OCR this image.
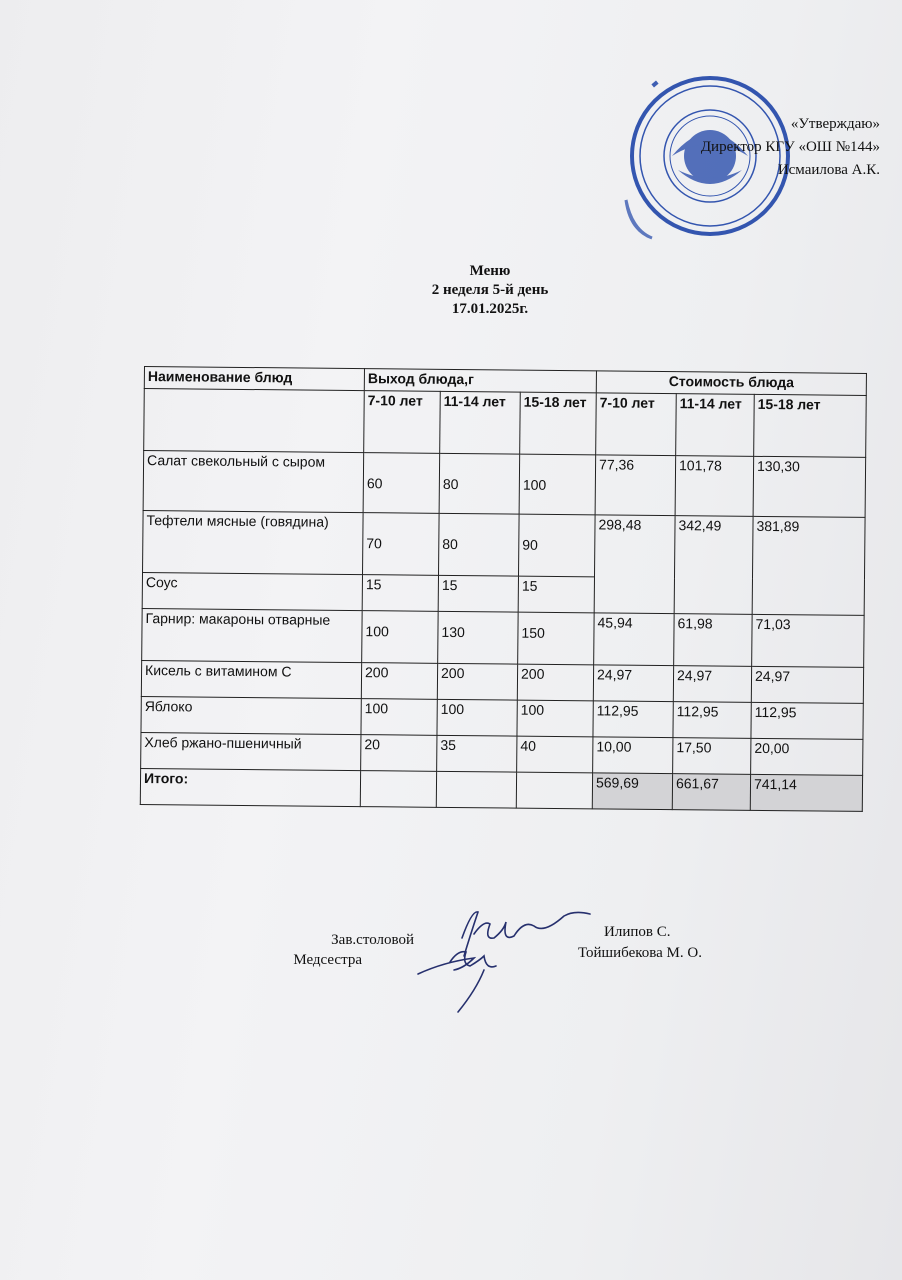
«Утверждаю»
Директор КГУ «ОШ №144»
Исмаилова А.К.
Меню
2 неделя 5-й день
17.01.2025г.
Наименование блюд	Выход блюда,г			Стоимость блюда		
	7-10 лет	11-14 лет	15-18 лет	7-10 лет	11-14 лет	15-18 лет
Салат свекольный с сыром	60	80	100	77,36	101,78	130,30
Тефтели мясные (говядина)	70	80	90	298,48	342,49	381,89
Соус	15	15	15			
Гарнир: макароны отварные	100	130	150	45,94	61,98	71,03
Кисель с витамином С	200	200	200	24,97	24,97	24,97
Яблоко	100	100	100	112,95	112,95	112,95
Хлеб ржано-пшеничный	20	35	40	10,00	17,50	20,00
Итого:				569,69	661,67	741,14
Зав.столовой
Медсестра
Илипов С.
Тойшибекова М. О.
